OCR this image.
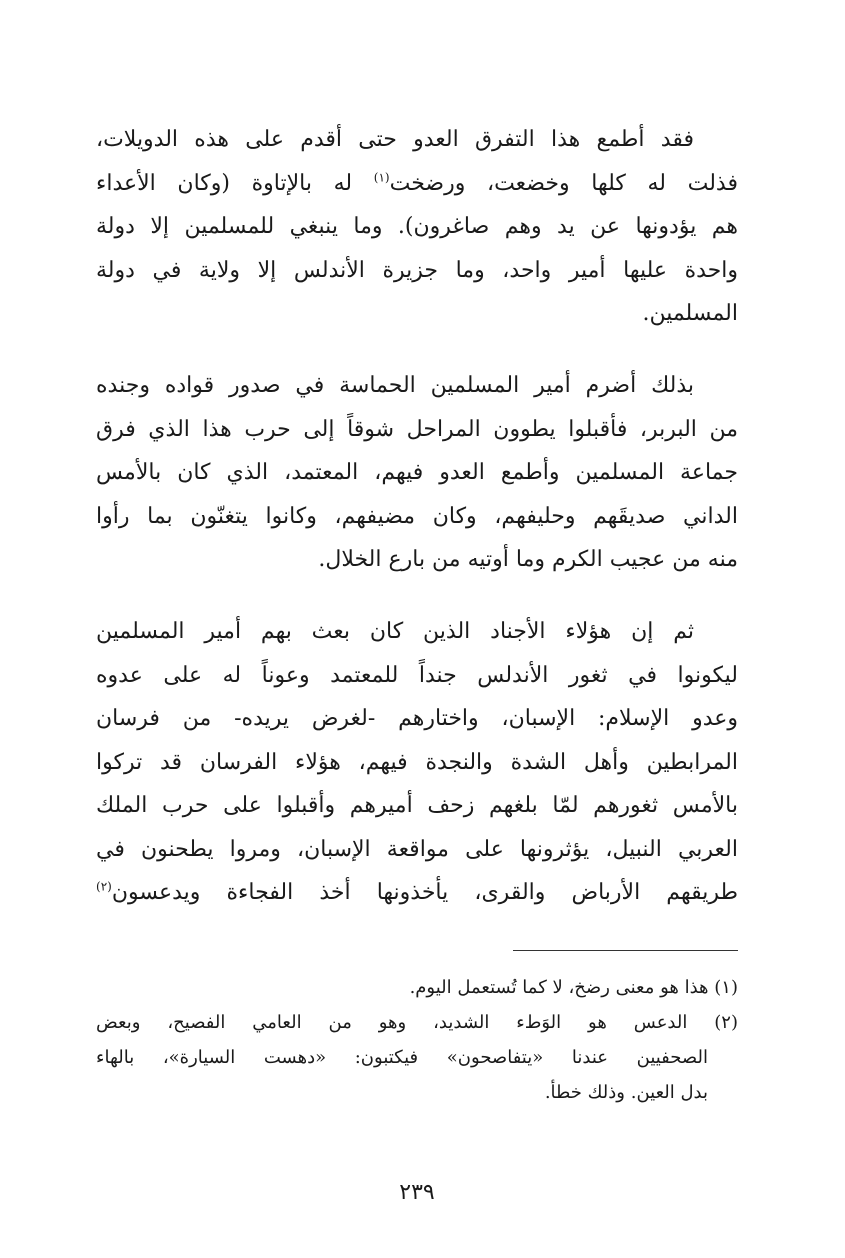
فقد أطمع هذا التفرق العدو حتى أقدم على هذه الدويلات،
فذلت له كلها وخضعت، ورضخت$^{(١)}$ له بالإتاوة (وكان الأعداء
هم يؤدونها عن يد وهم صاغرون). وما ينبغي للمسلمين إلا دولة
واحدة عليها أمير واحد، وما جزيرة الأندلس إلا ولاية في دولة
المسلمين.

بذلك أضرم أمير المسلمين الحماسة في صدور قواده وجنده
من البربر، فأقبلوا يطوون المراحل شوقاً إلى حرب هذا الذي فرق
جماعة المسلمين وأطمع العدو فيهم، المعتمد، الذي كان بالأمس
الداني صديقَهم وحليفهم، وكان مضيفهم، وكانوا يتغنّون بما رأوا
منه من عجيب الكرم وما أوتيه من بارع الخلال.

ثم إن هؤلاء الأجناد الذين كان بعث بهم أمير المسلمين
ليكونوا في ثغور الأندلس جنداً للمعتمد وعوناً له على عدوه
وعدو الإسلام: الإسبان، واختارهم -لغرض يريده- من فرسان
المرابطين وأهل الشدة والنجدة فيهم، هؤلاء الفرسان قد تركوا
بالأمس ثغورهم لمّا بلغهم زحف أميرهم وأقبلوا على حرب الملك
العربي النبيل، يؤثرونها على مواقعة الإسبان، ومروا يطحنون في
طريقهم الأرباض والقرى، يأخذونها أخذ الفجاءة ويدعسون$^{(٢)}$

(١) هذا هو معنى رضخ، لا كما تُستعمل اليوم.
(٢) الدعس هو الوَطء الشديد، وهو من العامي الفصيح، وبعض
الصحفيين عندنا «يتفاصحون» فيكتبون: «دهست السيارة»، بالهاء
بدل العين. وذلك خطأ.
٢٣٩
